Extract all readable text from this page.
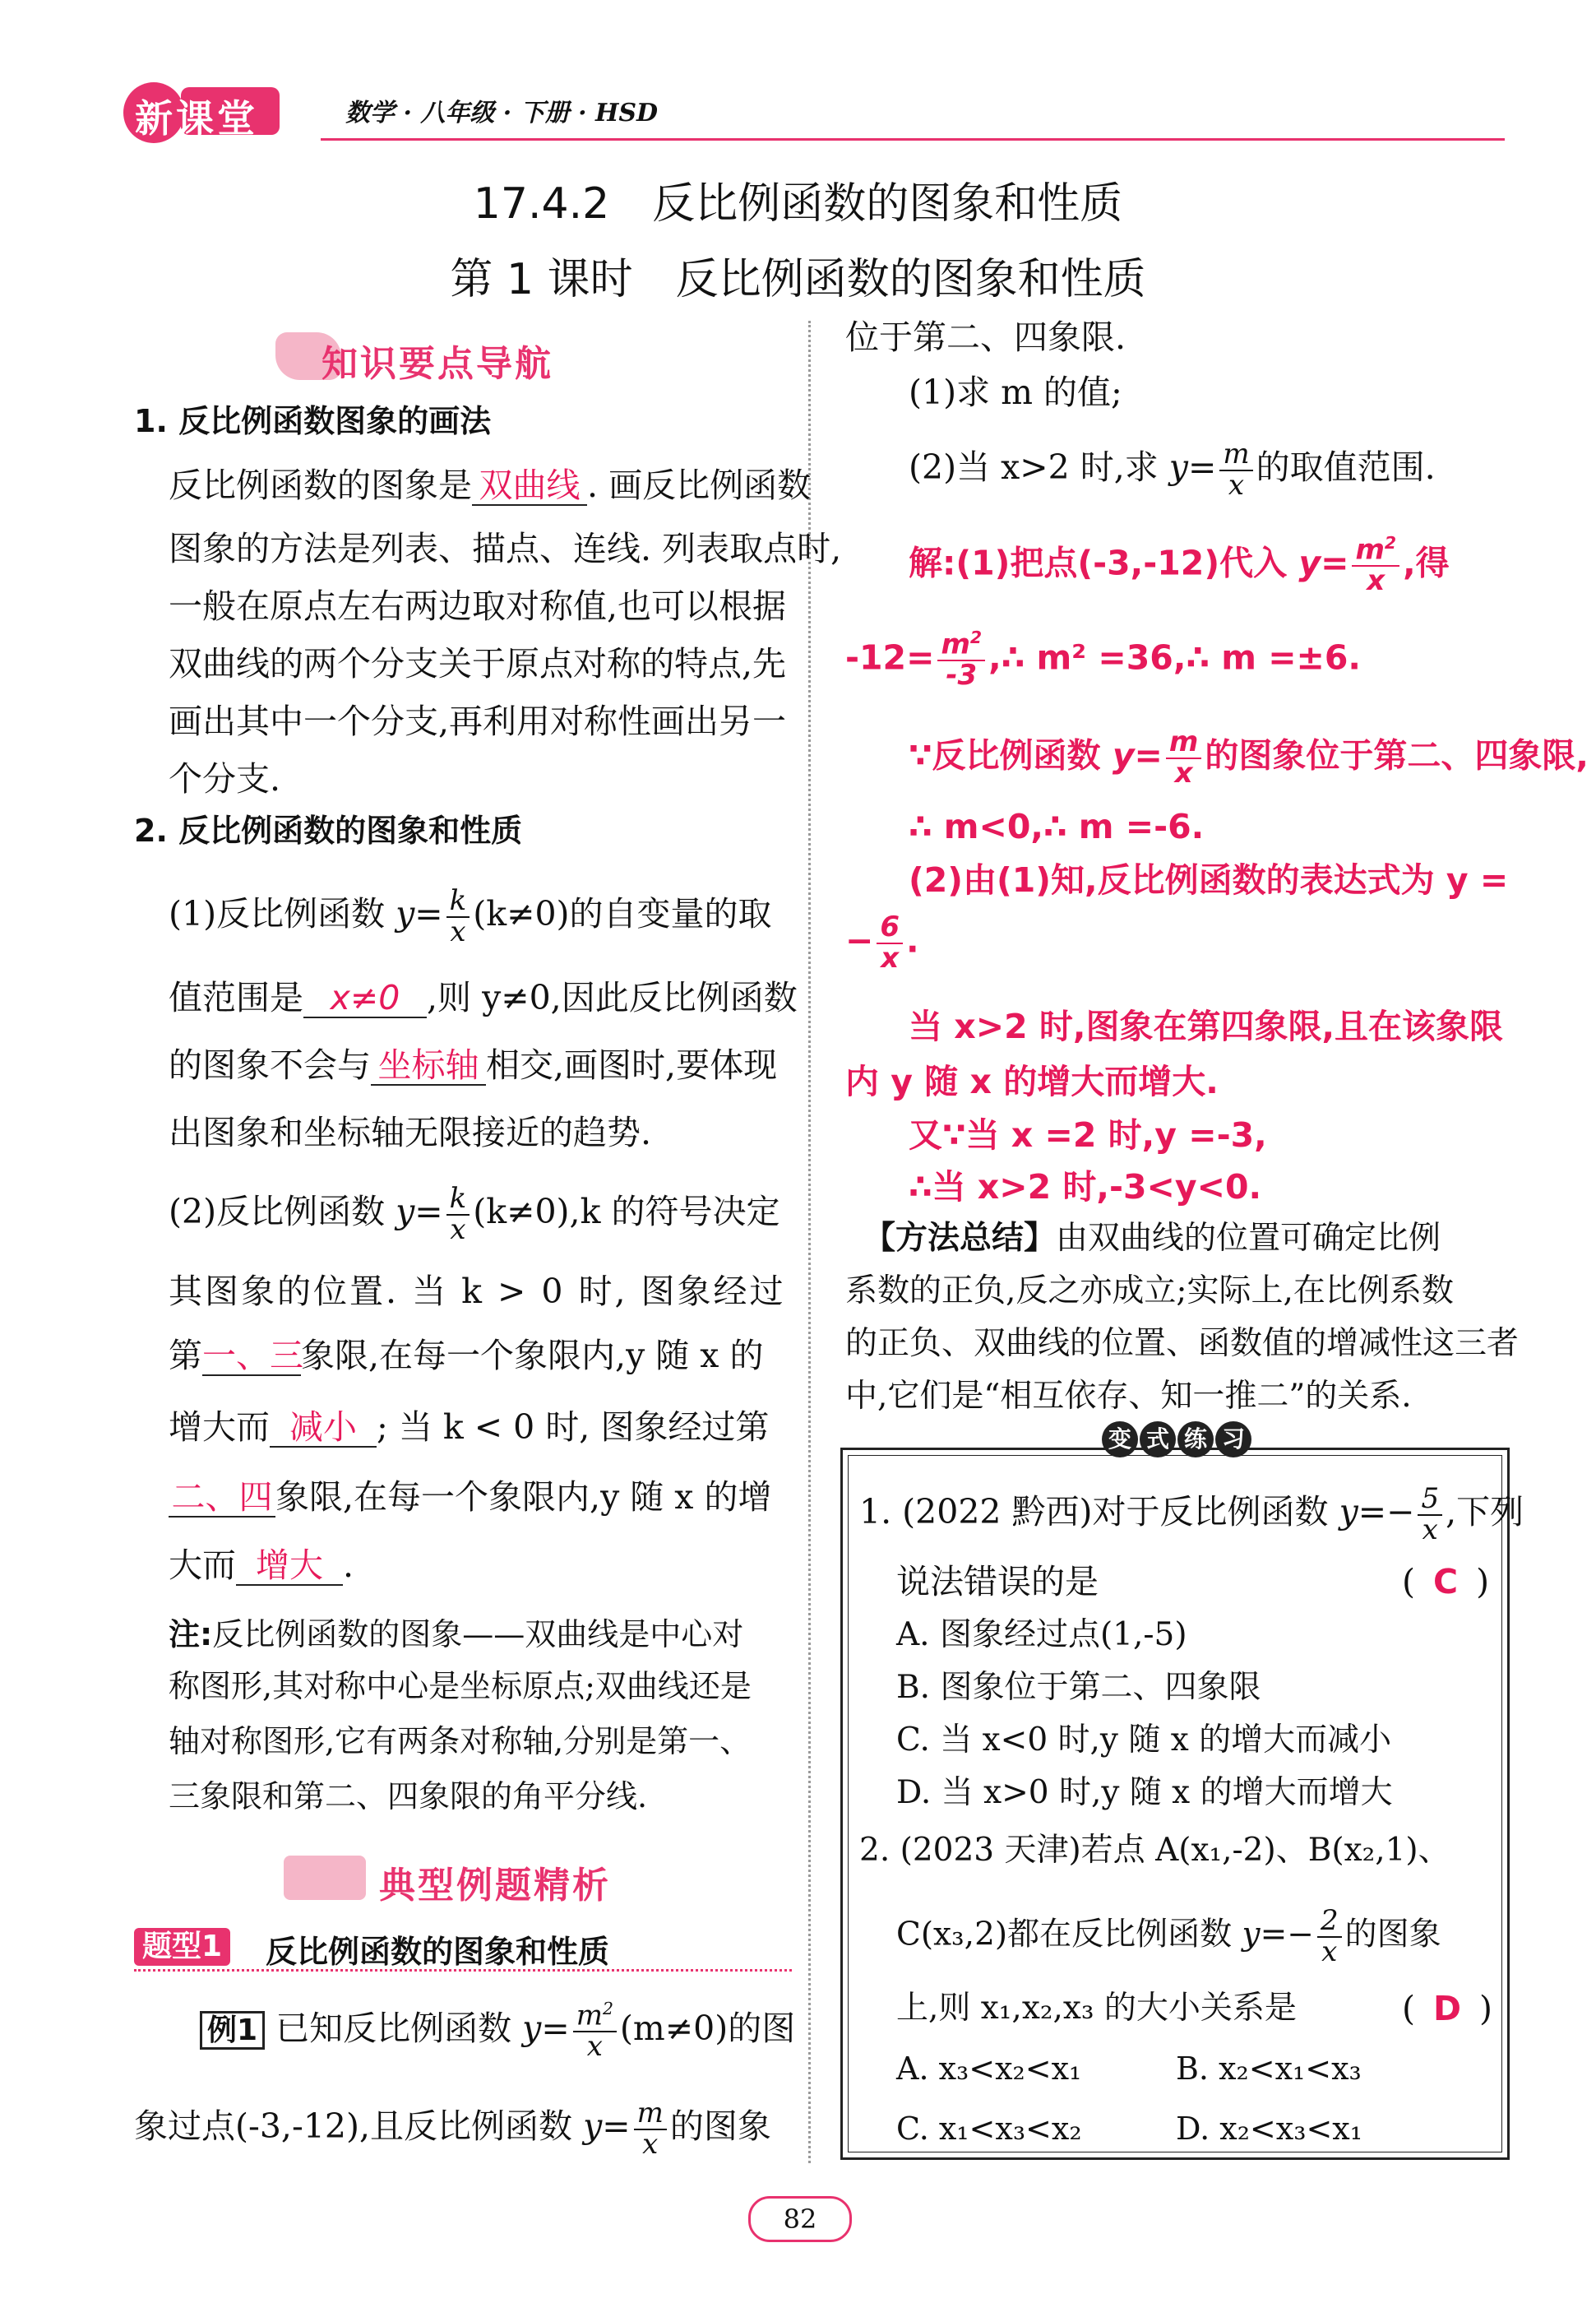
新课堂	数学 · 八年级 · 下册 · HSD
17.4.2　反比例函数的图象和性质
第 1 课时　反比例函数的图象和性质
知识要点导航
1. 反比例函数图象的画法
反比例函数的图象是 双曲线 . 画反比例函数
图象的方法是列表、描点、连线. 列表取点时,
一般在原点左右两边取对称值,也可以根据
双曲线的两个分支关于原点对称的特点,先
画出其中一个分支,再利用对称性画出另一
个分支.
2. 反比例函数的图象和性质
(1)反比例函数 $y= \frac{k}{x} (k\ne 0)$的自变量的取
值范围是 x≠0 ,则 y≠0,因此反比例函数
的图象不会与 坐标轴 相交,画图时,要体现
出图象和坐标轴无限接近的趋势.
(2)反比例函数 $y= \frac{k}{x} (k\ne 0),k$ 的符号决定
其图象的位置. 当 k > 0 时, 图象经过
第一、三象限,在每一个象限内,y 随 x 的
增大而 减小 ; 当 k < 0 时, 图象经过第
二、四象限,在每一个象限内,y 随 x 的增
大而 增大 .
注:反比例函数的图象——双曲线是中心对
称图形,其对称中心是坐标原点;双曲线还是
轴对称图形,它有两条对称轴,分别是第一、
三象限和第二、四象限的角平分线.
典型例题精析
题型1 反比例函数的图象和性质
例1 已知反比例函数 $y= \frac{m^2}{x} (m\ne 0)$的图
象过点(-3,-12),且反比例函数 $y= \frac{m}{x}$ 的图象
位于第二、四象限.
(1)求 m 的值;
(2)当 x>2 时,求 $y= \frac{m}{x}$ 的取值范围.
解:(1)把点(-3,-12)代入 $y= \frac{m^2}{x}$ ,得
$-12= \frac{m^2}{-3}$ ,∴ m² =36,∴ m =±6.
∵反比例函数 $y= \frac{m}{x}$ 的图象位于第二、四象限,
∴ m<0,∴ m =-6.
(2)由(1)知,反比例函数的表达式为 y =
− $\frac{6}{x}$ .
当 x>2 时,图象在第四象限,且在该象限
内 y 随 x 的增大而增大.
又∵当 x =2 时,y =-3,
∴当 x>2 时,-3<y<0.
【方法总结】由双曲线的位置可确定比例
系数的正负,反之亦成立;实际上,在比例系数
的正负、双曲线的位置、函数值的增减性这三者
中,它们是“相互依存、知一推二”的关系.
变 式 练 习
1. (2022 黔西)对于反比例函数 $y=- \frac{5}{x}$ ,下列
说法错误的是	( C )
A. 图象经过点(1,-5)
B. 图象位于第二、四象限
C. 当 x<0 时,y 随 x 的增大而减小
D. 当 x>0 时,y 随 x 的增大而增大
2. (2023 天津)若点 A(x₁,-2)、B(x₂,1)、
C(x₃,2)都在反比例函数 $y=- \frac{2}{x}$ 的图象
上,则 x₁,x₂,x₃ 的大小关系是	( D )
A. x₃<x₂<x₁	B. x₂<x₁<x₃
C. x₁<x₃<x₂	D. x₂<x₃<x₁
82
